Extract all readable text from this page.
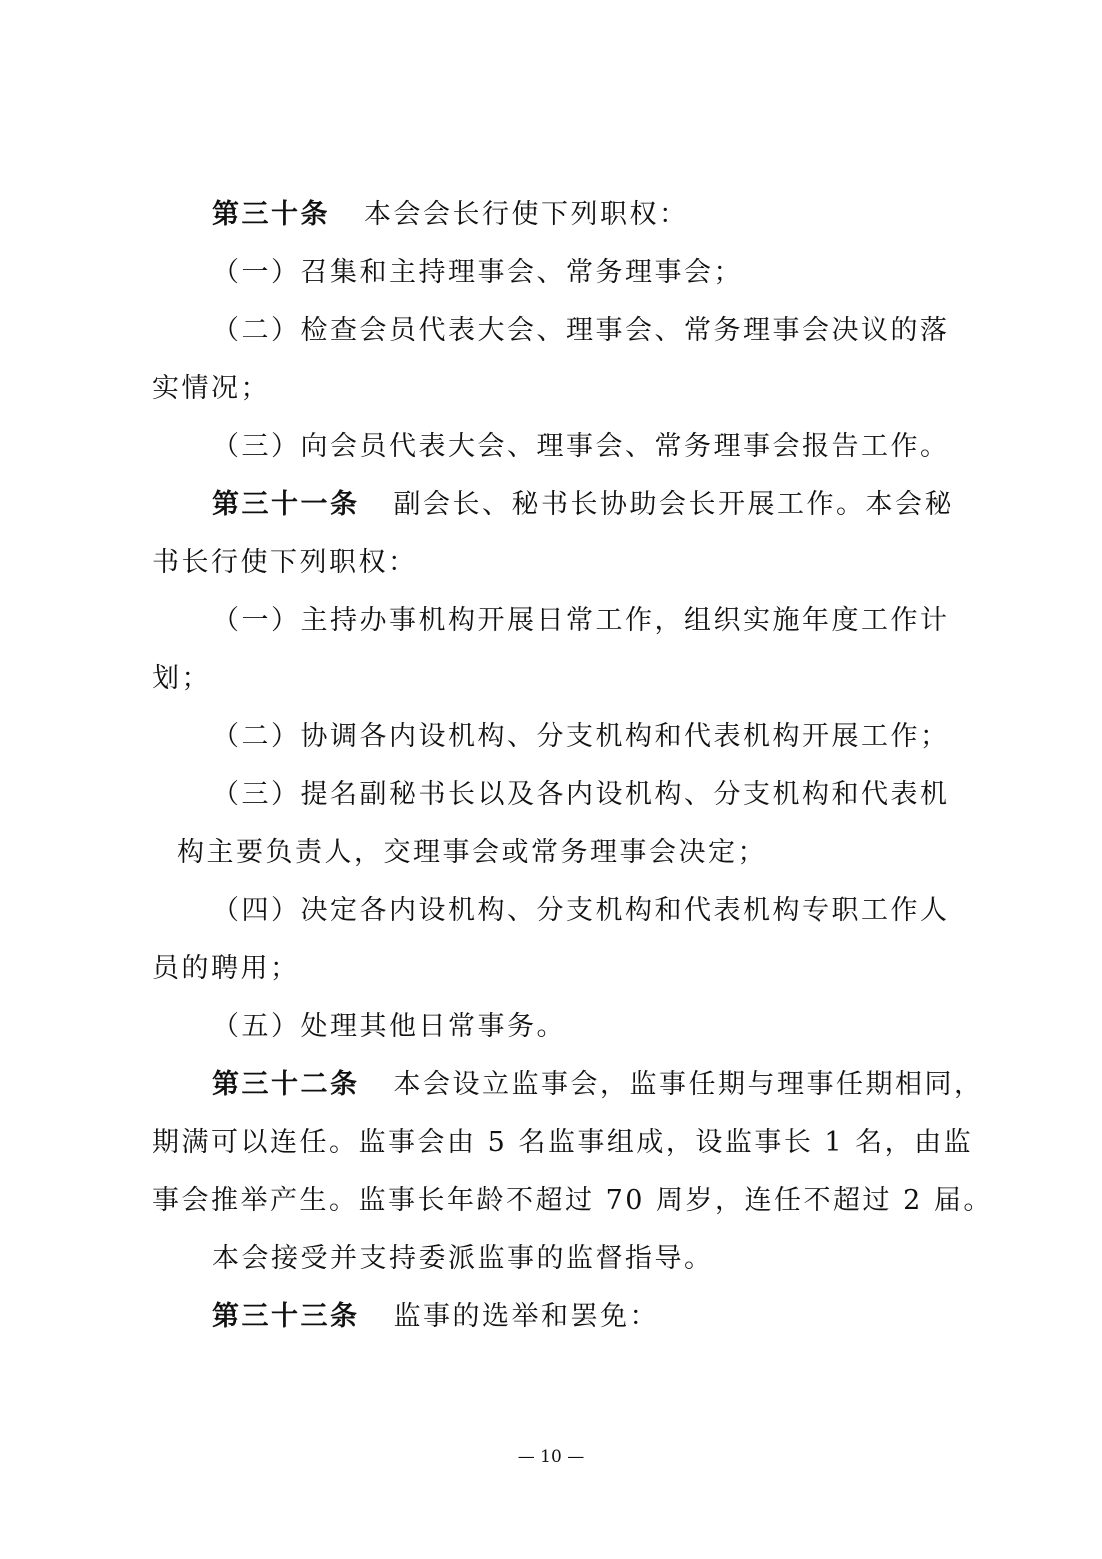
第三十条 本会会长行使下列职权：
（一）召集和主持理事会、常务理事会；
（二）检查会员代表大会、理事会、常务理事会决议的落
实情况；
（三）向会员代表大会、理事会、常务理事会报告工作。
第三十一条 副会长、秘书长协助会长开展工作。本会秘
书长行使下列职权：
（一）主持办事机构开展日常工作，组织实施年度工作计
划；
（二）协调各内设机构、分支机构和代表机构开展工作；
（三）提名副秘书长以及各内设机构、分支机构和代表机
构主要负责人，交理事会或常务理事会决定；
（四）决定各内设机构、分支机构和代表机构专职工作人
员的聘用；
（五）处理其他日常事务。
第三十二条 本会设立监事会，监事任期与理事任期相同，
期满可以连任。监事会由 5 名监事组成，设监事长 1 名，由监
事会推举产生。监事长年龄不超过 70 周岁，连任不超过 2 届。
本会接受并支持委派监事的监督指导。
第三十三条 监事的选举和罢免：
— 10 —
